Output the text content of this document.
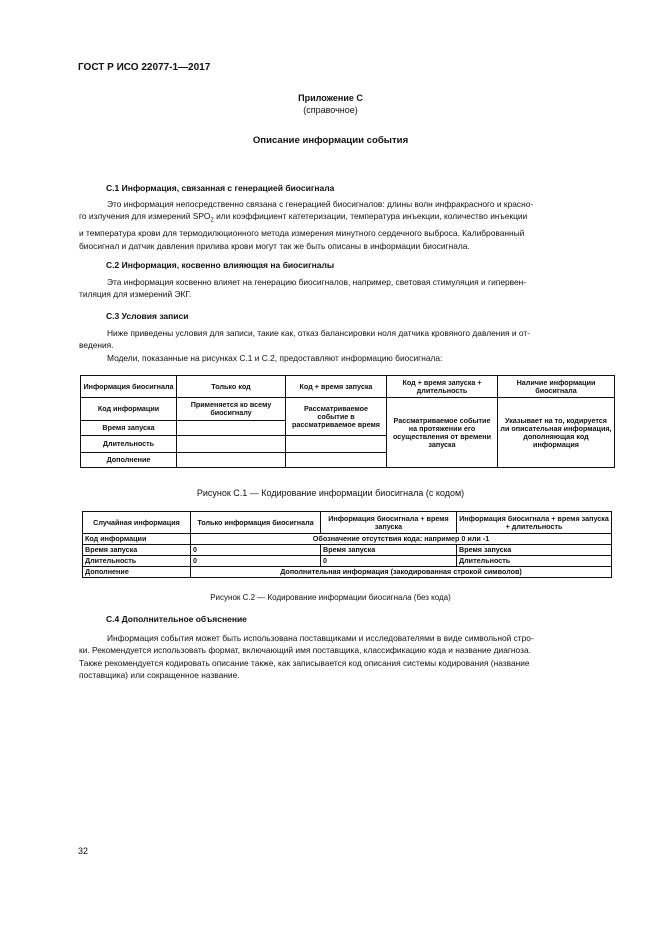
ГОСТ Р ИСО 22077-1—2017
Приложение С
(справочное)
Описание информации события
С.1 Информация, связанная с генерацией биосигнала

Это информация непосредственно связана с генерацией биосигналов: длины волн инфракрасного и красно-

го излучения для измерений $SPO_2$ или коэффициент катетеризации, температура инъекции, количество инъекции

и температура крови для термодилюционного метода измерения минутного сердечного выброса. Калиброванный

биосигнал и датчик давления прилива крови могут так же быть описаны в информации биосигнала.

С.2 Информация, косвенно влияющая на биосигналы

Эта информация косвенно влияет на генерацию биосигналов, например, световая стимуляция и гипервен-

тиляция для измерений ЭКГ.

С.3 Условия записи

Ниже приведены условия для записи, такие как, отказ балансировки ноля датчика кровяного давления и от-

ведения.

Модели, показанные на рисунках С.1 и С.2, предоставляют информацию биосигнала:

Информация биосигнала	Только код	Код + время запуска	Код + время запуска + длительность	Наличие информации биосигнала
Код информации	Применяется ко всему биосигналу	Рассматриваемое событие в рассматриваемое время	Рассматриваемое событие на протяжении его осуществления от времени запуска	Указывает на то, кодируется ли описательная информация, дополняющая код информация
Время запуска				
Длительность				
Дополнение				
Рисунок С.1 — Кодирование информации биосигнала (с кодом)
Случайная информация	Только информация биосигнала	Информация биосигнала + время запуска	Информация биосигнала + время запуска + длительность
Код информации	Обозначение отсутствия кода: например 0 или -1		
Время запуска	0	Время запуска	Время запуска
Длительность	0	0	Длительность
Дополнение	Дополнительная информация (закодированная строкой символов)		
Рисунок С.2 — Кодирование информации биосигнала (без кода)
С.4 Дополнительное объяснение

Информация события может быть использована поставщиками и исследователями в виде символьной стро-

ки. Рекомендуется использовать формат, включающий имя поставщика, классификацию кода и название диагноза.

Также рекомендуется кодировать описание также, как записывается код описания системы кодирования (название

поставщика) или сокращенное название.

32
